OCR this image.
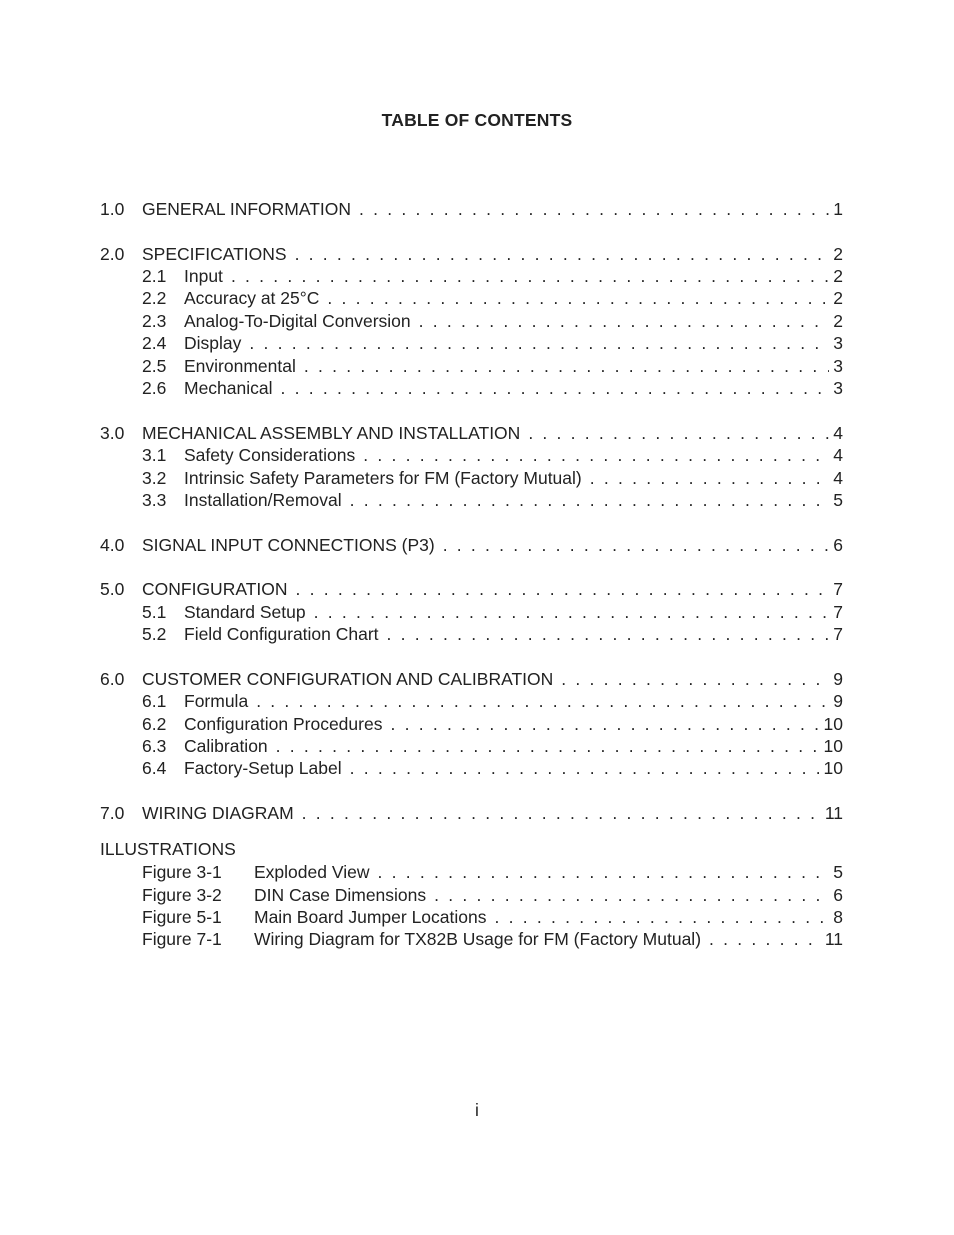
TABLE OF CONTENTS
1.0	GENERAL INFORMATION . . .	1
2.0	SPECIFICATIONS . . .	2
2.1	Input . . .	2
2.2	Accuracy at 25°C . . .	2
2.3	Analog-To-Digital Conversion . . .	2
2.4	Display . . .	3
2.5	Environmental . . .	3
2.6	Mechanical . . .	3
3.0	MECHANICAL ASSEMBLY AND INSTALLATION . . .	4
3.1	Safety Considerations . . .	4
3.2	Intrinsic Safety Parameters for FM (Factory Mutual) . . .	4
3.3	Installation/Removal . . .	5
4.0	SIGNAL INPUT CONNECTIONS (P3) . . .	6
5.0	CONFIGURATION . . .	7
5.1	Standard Setup . . .	7
5.2	Field Configuration Chart . . .	7
6.0	CUSTOMER CONFIGURATION AND CALIBRATION . . .	9
6.1	Formula . . .	9
6.2	Configuration Procedures . . .	10
6.3	Calibration . . .	10
6.4	Factory-Setup Label . . .	10
7.0	WIRING DIAGRAM . . .	11
ILLUSTRATIONS
Figure 3-1	Exploded View . . .	5
Figure 3-2	DIN Case Dimensions . . .	6
Figure 5-1	Main Board Jumper Locations . . .	8
Figure 7-1	Wiring Diagram for TX82B Usage for FM (Factory Mutual) . . .	11
i
